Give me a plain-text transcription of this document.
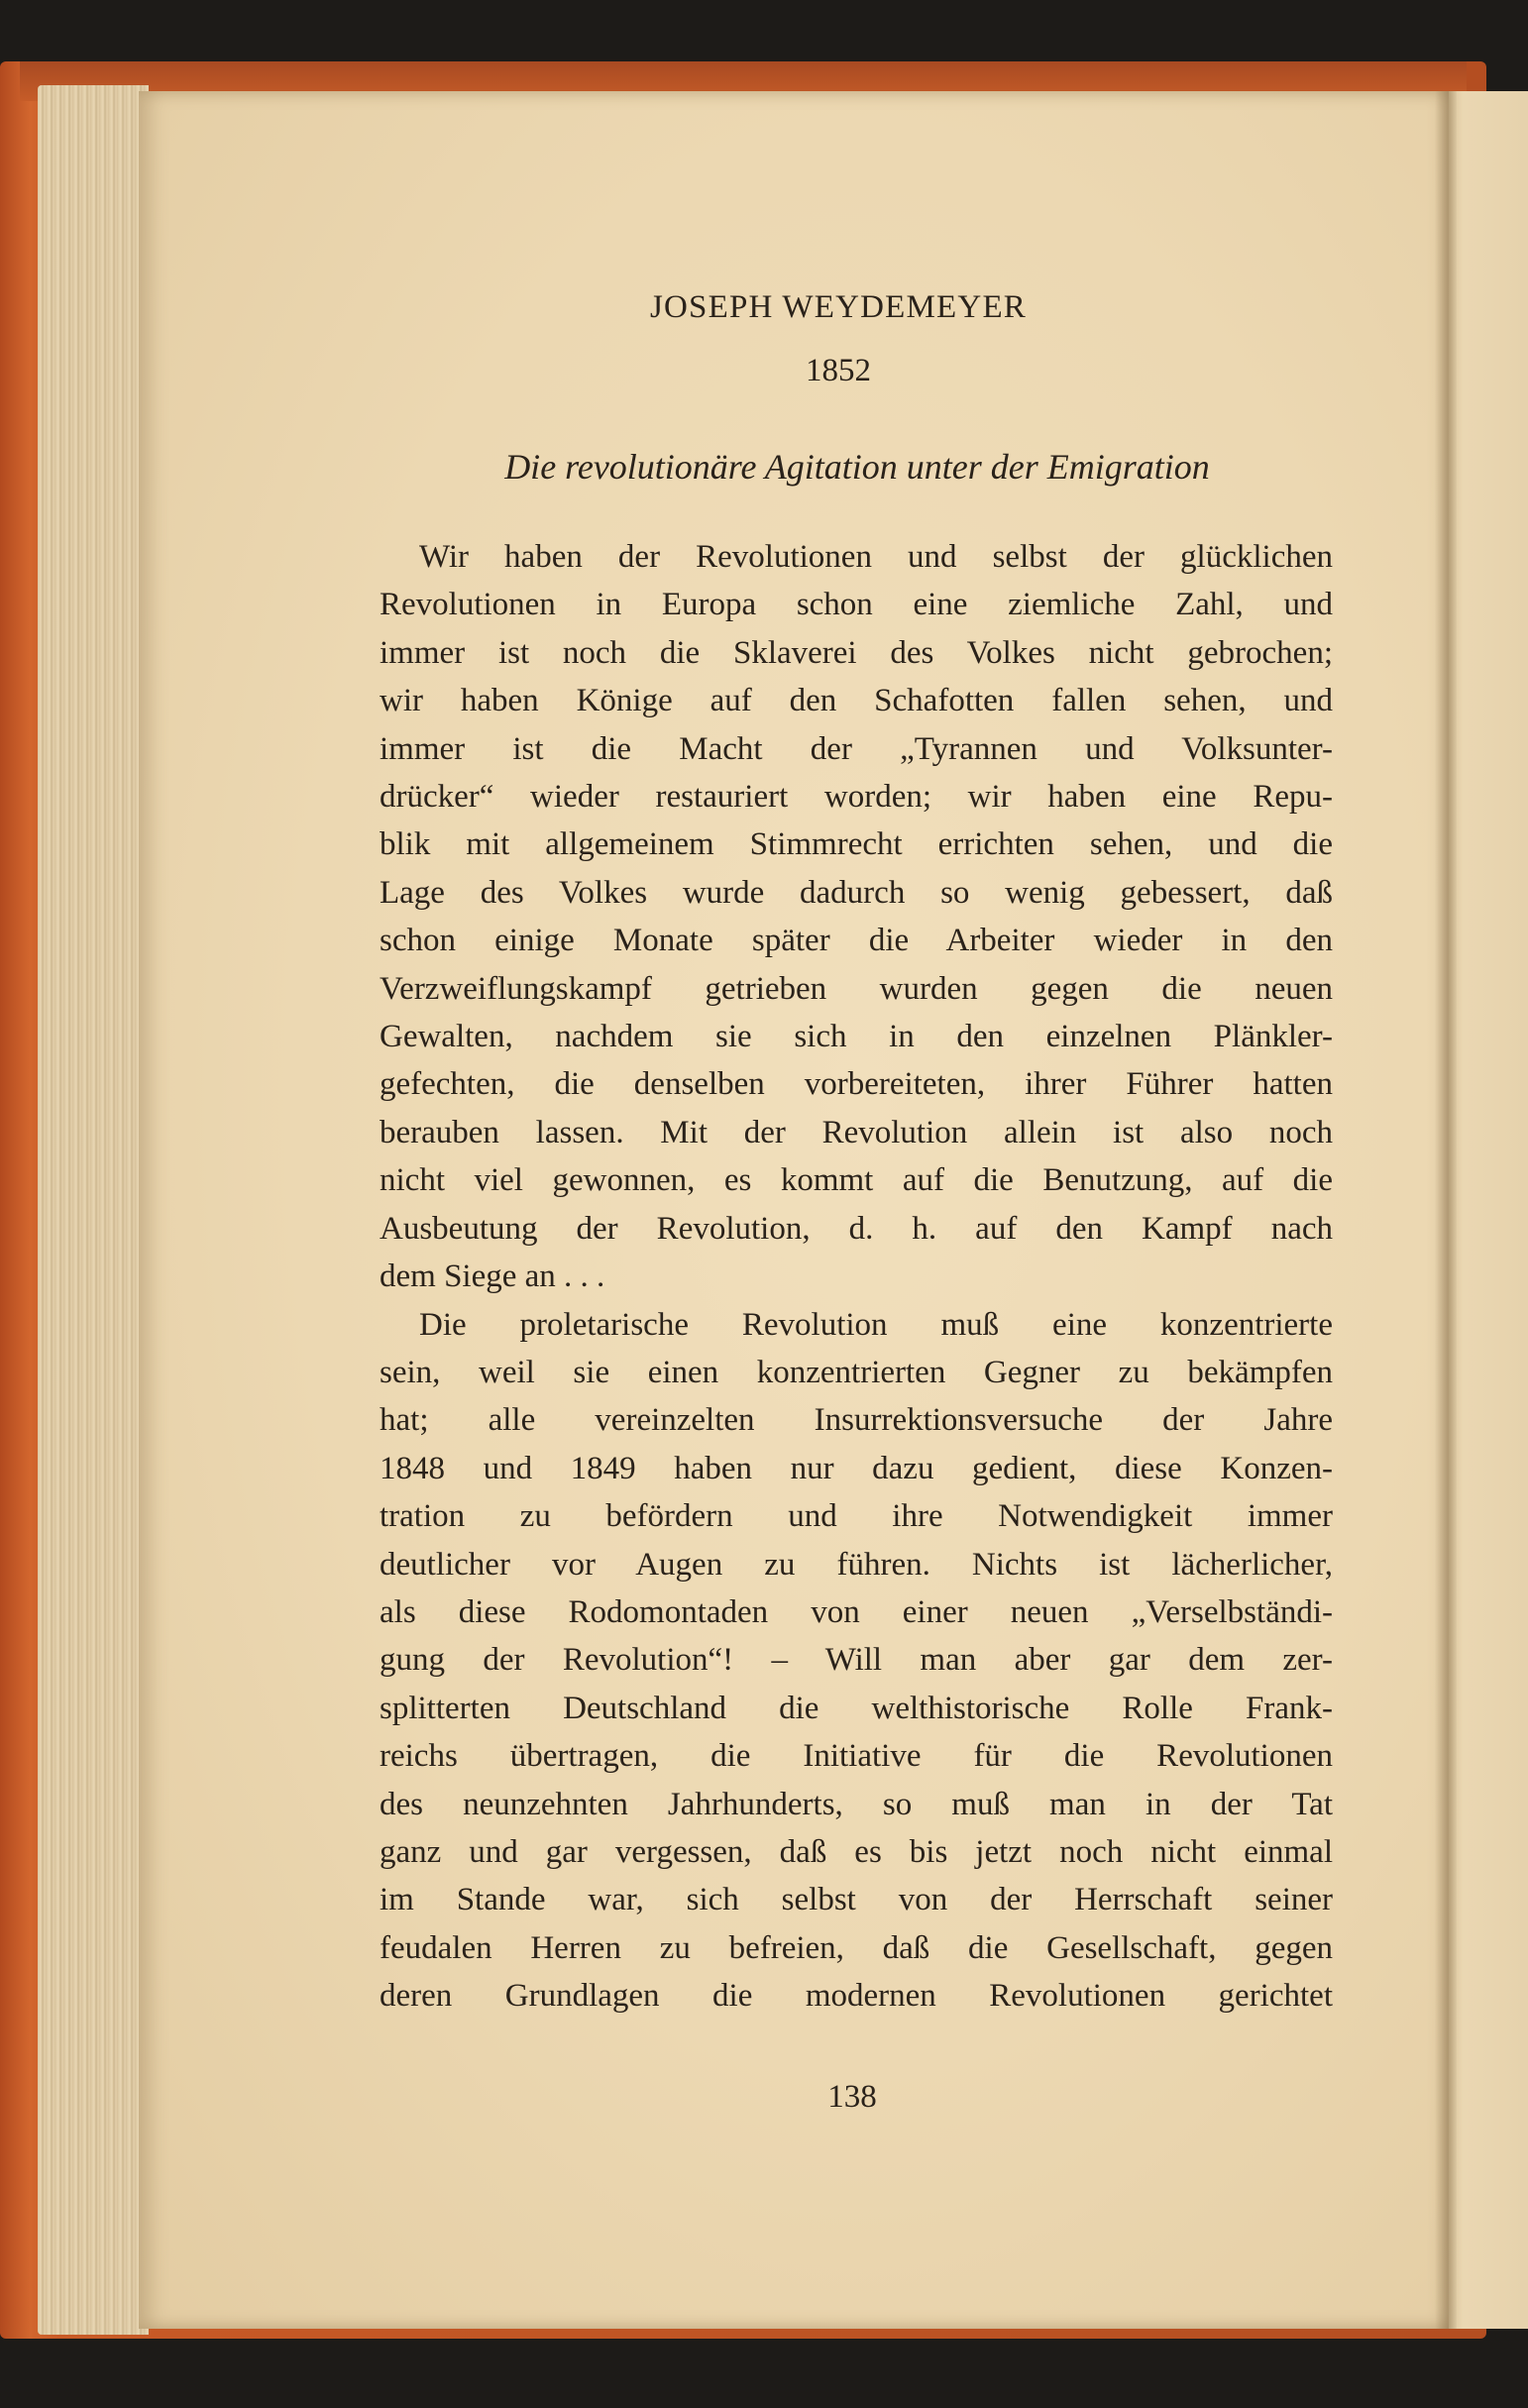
JOSEPH WEYDEMEYER
1852
Die revolutionäre Agitation unter der Emigration
Wir haben der Revolutionen und selbst der glücklichen
Revolutionen in Europa schon eine ziemliche Zahl, und
immer ist noch die Sklaverei des Volkes nicht gebrochen;
wir haben Könige auf den Schafotten fallen sehen, und
immer ist die Macht der „Tyrannen und Volksunter-
drücker“ wieder restauriert worden; wir haben eine Repu-
blik mit allgemeinem Stimmrecht errichten sehen, und die
Lage des Volkes wurde dadurch so wenig gebessert, daß
schon einige Monate später die Arbeiter wieder in den
Verzweiflungskampf getrieben wurden gegen die neuen
Gewalten, nachdem sie sich in den einzelnen Plänkler-
gefechten, die denselben vorbereiteten, ihrer Führer hatten
berauben lassen. Mit der Revolution allein ist also noch
nicht viel gewonnen, es kommt auf die Benutzung, auf die
Ausbeutung der Revolution, d. h. auf den Kampf nach
dem Siege an . . .
Die proletarische Revolution muß eine konzentrierte
sein, weil sie einen konzentrierten Gegner zu bekämpfen
hat; alle vereinzelten Insurrektionsversuche der Jahre
1848 und 1849 haben nur dazu gedient, diese Konzen-
tration zu befördern und ihre Notwendigkeit immer
deutlicher vor Augen zu führen. Nichts ist lächerlicher,
als diese Rodomontaden von einer neuen „Verselbständi-
gung der Revolution“! – Will man aber gar dem zer-
splitterten Deutschland die welthistorische Rolle Frank-
reichs übertragen, die Initiative für die Revolutionen
des neunzehnten Jahrhunderts, so muß man in der Tat
ganz und gar vergessen, daß es bis jetzt noch nicht einmal
im Stande war, sich selbst von der Herrschaft seiner
feudalen Herren zu befreien, daß die Gesellschaft, gegen
deren Grundlagen die modernen Revolutionen gerichtet
138
